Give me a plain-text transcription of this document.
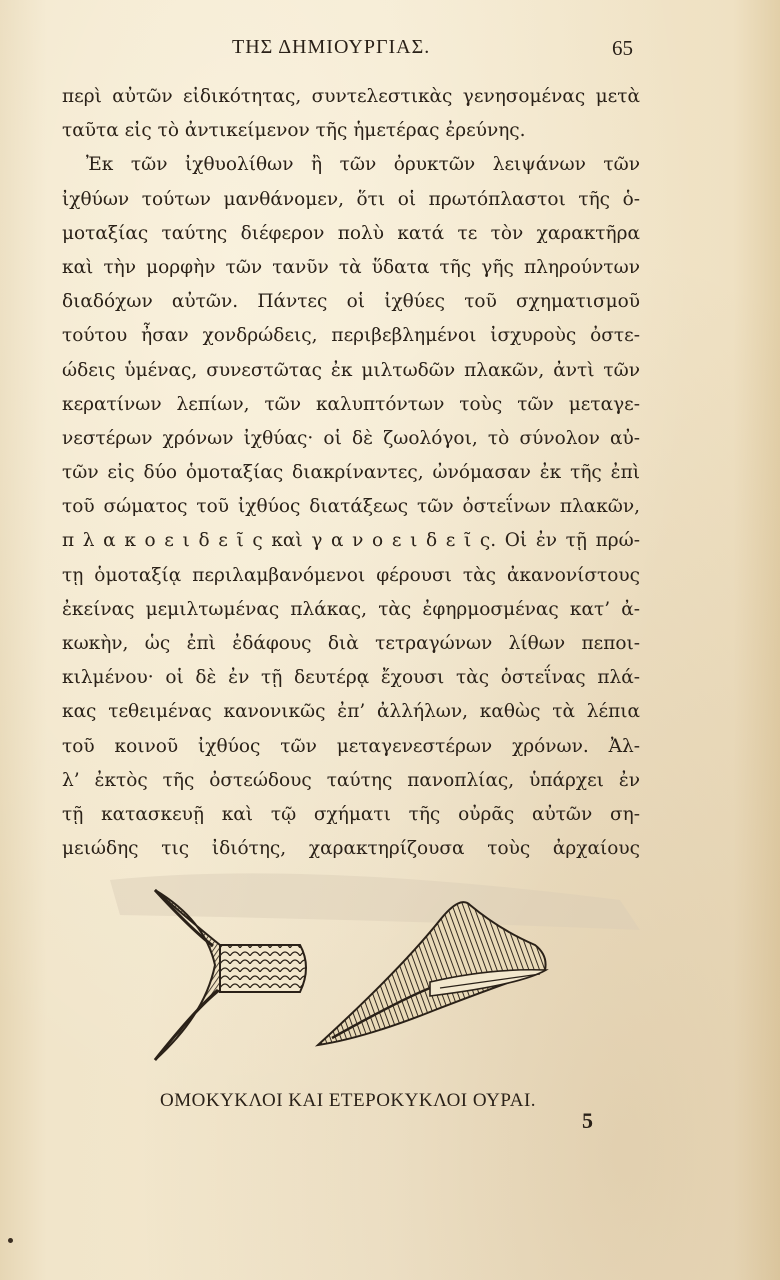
ΤΗΣ ΔΗΜΙΟΥΡΓΙΑΣ.	65
περὶ αὐτῶν εἰδικότητας, συντελεστικὰς γενησομένας μετὰ
ταῦτα εἰς τὸ ἀντικείμενον τῆς ἡμετέρας ἐρεύνης.
Ἐκ τῶν ἰχθυολίθων ἢ τῶν ὀρυκτῶν λειψάνων τῶν
ἰχθύων τούτων μανθάνομεν, ὅτι οἱ πρωτόπλαστοι τῆς ὁ-
μοταξίας ταύτης διέφερον πολὺ κατά τε τὸν χαρακτῆρα
καὶ τὴν μορφὴν τῶν τανῦν τὰ ὕδατα τῆς γῆς πληρούντων
διαδόχων αὐτῶν. Πάντες οἱ ἰχθύες τοῦ σχηματισμοῦ
τούτου ἦσαν χονδρώδεις, περιβεβλημένοι ἰσχυροὺς ὀστε-
ώδεις ὑμένας, συνεστῶτας ἐκ μιλτωδῶν πλακῶν, ἀντὶ τῶν
κερατίνων λεπίων, τῶν καλυπτόντων τοὺς τῶν μεταγε-
νεστέρων χρόνων ἰχθύας· οἱ δὲ ζωολόγοι, τὸ σύνολον αὐ-
τῶν εἰς δύο ὁμοταξίας διακρίναντες, ὠνόμασαν ἐκ τῆς ἐπὶ
τοῦ σώματος τοῦ ἰχθύος διατάξεως τῶν ὀστεΐνων πλακῶν,
π λ α κ ο ε ι δ ε ῖ ς καὶ γ α ν ο ε ι δ ε ῖ ς. Οἱ ἐν τῇ πρώ-
τῃ ὁμοταξίᾳ περιλαμβανόμενοι φέρουσι τὰς ἀκανονίστους
ἐκείνας μεμιλτωμένας πλάκας, τὰς ἐφηρμοσμένας κατ’ ἀ-
κωκὴν, ὡς ἐπὶ ἐδάφους διὰ τετραγώνων λίθων πεποι-
κιλμένου· οἱ δὲ ἐν τῇ δευτέρᾳ ἔχουσι τὰς ὀστεΐνας πλά-
κας τεθειμένας κανονικῶς ἐπ’ ἀλλήλων, καθὼς τὰ λέπια
τοῦ κοινοῦ ἰχθύος τῶν μεταγενεστέρων χρόνων. Ἀλ-
λ’ ἐκτὸς τῆς ὀστεώδους ταύτης πανοπλίας, ὑπάρχει ἐν
τῇ κατασκευῇ καὶ τῷ σχήματι τῆς οὐρᾶς αὐτῶν ση-
μειώδης τις ἰδιότης, χαρακτηρίζουσα τοὺς ἀρχαίους
ΟΜΟΚΥΚΛΟΙ ΚΑΙ ΕΤΕΡΟΚΥΚΛΟΙ ΟΥΡΑΙ.
5
